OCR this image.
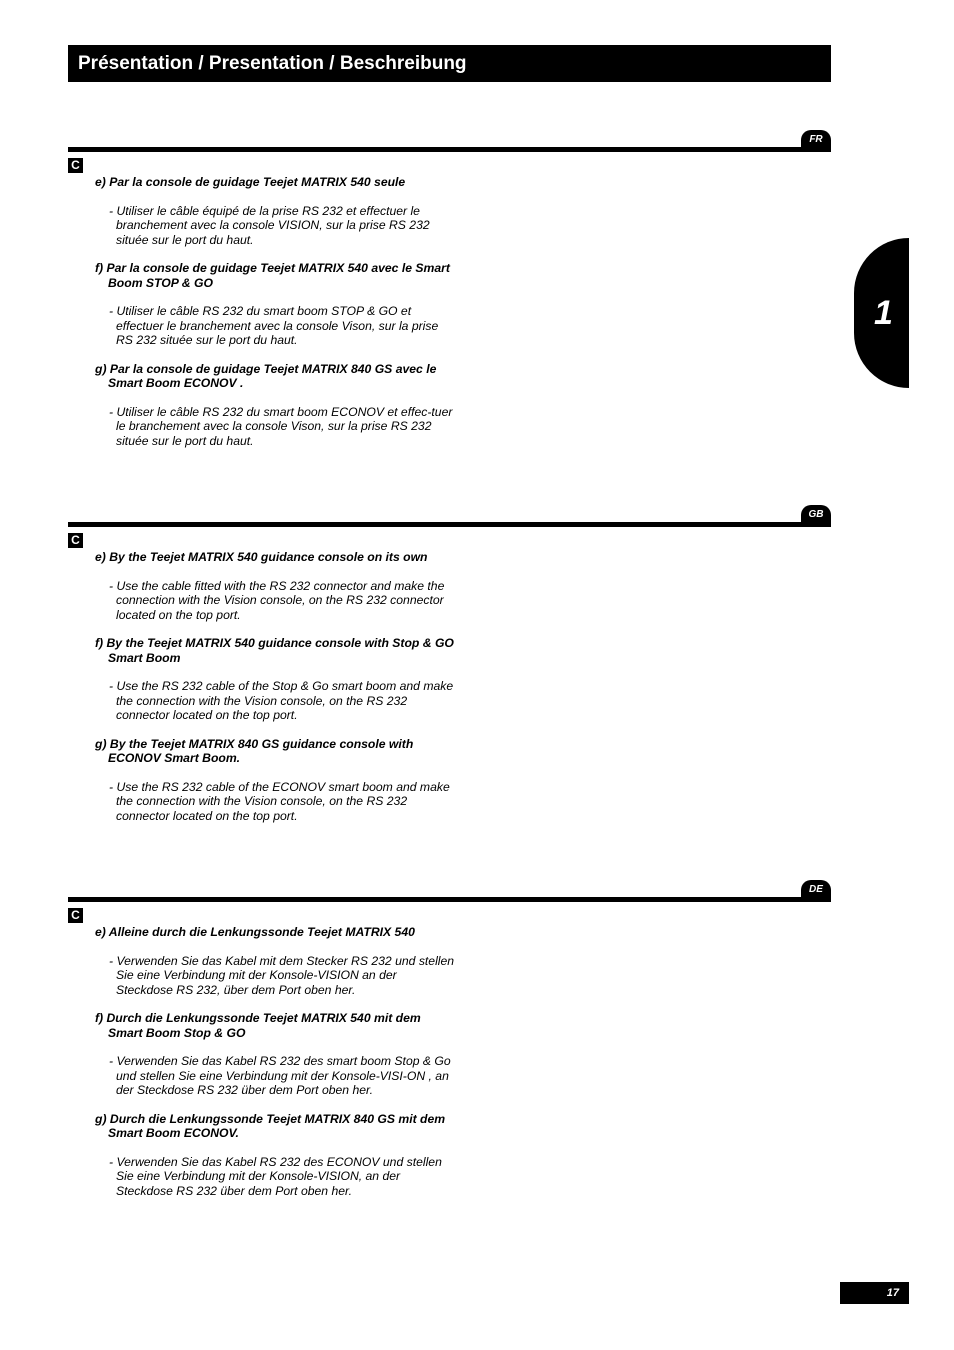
Présentation / Presentation / Beschreibung
1
FR
C
e) Par la console de guidage Teejet MATRIX 540 seule
- Utiliser le câble équipé de la prise RS 232 et effectuer le branchement avec la console VISION, sur la prise RS 232 située sur le port du haut.
f) Par la console de guidage Teejet MATRIX 540 avec le Smart Boom STOP & GO
- Utiliser le câble RS 232 du smart boom STOP & GO et effectuer le branchement avec la console Vison, sur la prise RS 232 située sur le port du haut.
g) Par la console de guidage Teejet MATRIX 840 GS avec le Smart Boom ECONOV .
- Utiliser le câble RS 232 du smart boom ECONOV et effec-tuer le branchement avec la console Vison, sur la prise RS 232 située sur le port du haut.
GB
C
e) By the Teejet MATRIX 540 guidance console on its own
- Use the cable fitted with the RS 232 connector and make the connection with the Vision console, on the RS 232 connector located on the top port.
f) By the Teejet MATRIX 540 guidance console with Stop & GO Smart Boom
- Use the RS 232 cable of the Stop & Go smart boom and make the connection with the Vision console, on the RS 232 connector located on the top port.
g) By the Teejet MATRIX 840 GS guidance console with ECONOV Smart Boom.
- Use the RS 232 cable of the ECONOV smart boom and make the connection with the Vision console, on the RS 232 connector located on the top port.
DE
C
e) Alleine durch die Lenkungssonde Teejet MATRIX 540
- Verwenden Sie das Kabel mit dem Stecker RS 232 und stellen Sie eine Verbindung mit der Konsole-VISION an der Steckdose RS 232, über dem Port oben her.
f) Durch die Lenkungssonde Teejet MATRIX 540 mit dem Smart Boom Stop & GO
- Verwenden Sie das Kabel RS 232 des smart boom Stop & Go und stellen Sie eine Verbindung mit der Konsole-VISI-ON , an der Steckdose RS 232 über dem Port oben her.
g) Durch die Lenkungssonde Teejet MATRIX 840 GS mit dem Smart Boom ECONOV.
- Verwenden Sie das Kabel RS 232 des ECONOV und stellen Sie eine Verbindung mit der Konsole-VISION, an der Steckdose RS 232 über dem Port oben her.
17
